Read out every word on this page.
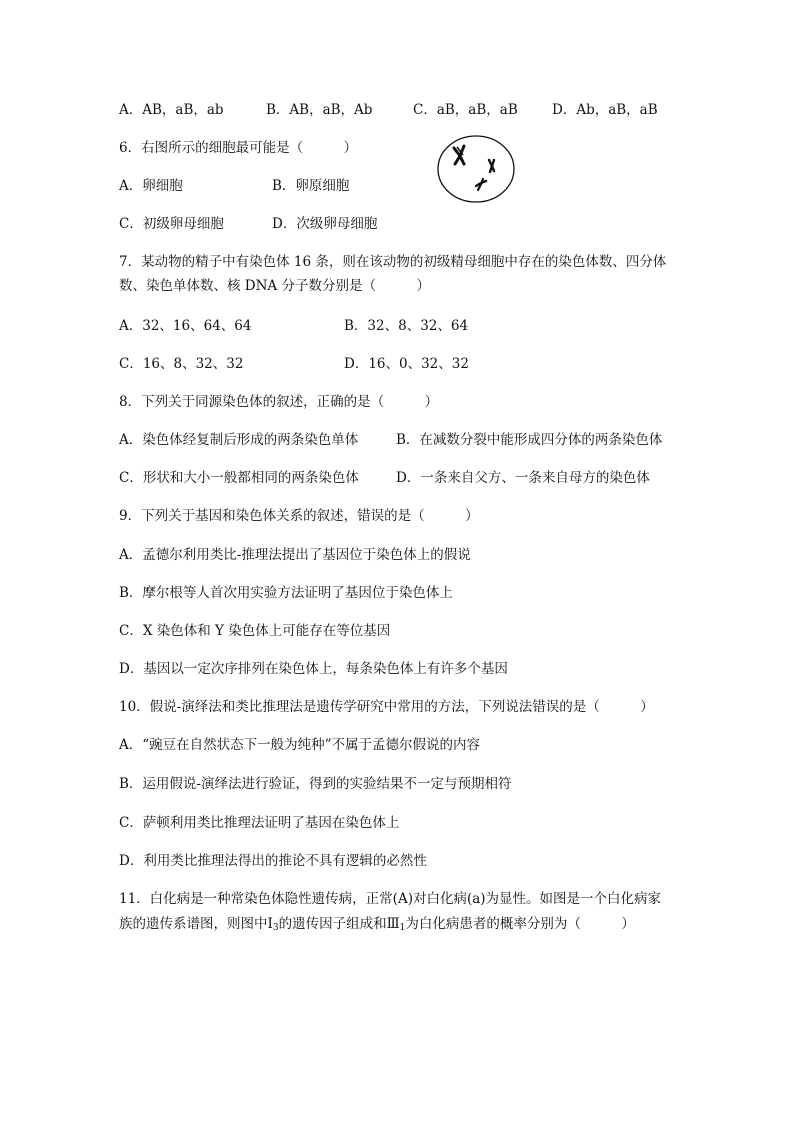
A．AB，aB，ab	B．AB，aB，Ab	C．aB，aB，aB	D．Ab，aB，aB
6．右图所示的细胞最可能是（　　　）
A．卵细胞	B．卵原细胞
C．初级卵母细胞	D．次级卵母细胞
7．某动物的精子中有染色体 16 条，则在该动物的初级精母细胞中存在的染色体数、四分体
数、染色单体数、核 DNA 分子数分别是（　　　）
A．32、16、64、64	B．32、8、32、64
C．16、8、32、32	D．16、0、32、32
8．下列关于同源染色体的叙述，正确的是（　　　）
A．染色体经复制后形成的两条染色单体	B．在减数分裂中能形成四分体的两条染色体
C．形状和大小一般都相同的两条染色体	D．一条来自父方、一条来自母方的染色体
9．下列关于基因和染色体关系的叙述，错误的是（　　　）
A．孟德尔利用类比-推理法提出了基因位于染色体上的假说
B．摩尔根等人首次用实验方法证明了基因位于染色体上
C．X 染色体和 Y 染色体上可能存在等位基因
D．基因以一定次序排列在染色体上，每条染色体上有许多个基因
10．假说-演绎法和类比推理法是遗传学研究中常用的方法，下列说法错误的是（　　　）
A．“豌豆在自然状态下一般为纯种”不属于孟德尔假说的内容
B．运用假说-演绎法进行验证，得到的实验结果不一定与预期相符
C．萨顿利用类比推理法证明了基因在染色体上
D．利用类比推理法得出的推论不具有逻辑的必然性
11．白化病是一种常染色体隐性遗传病，正常(A)对白化病(a)为显性。如图是一个白化病家
族的遗传系谱图，则图中$Ⅰ_3$的遗传因子组成和$Ⅲ_1$为白化病患者的概率分别为（　　　）
